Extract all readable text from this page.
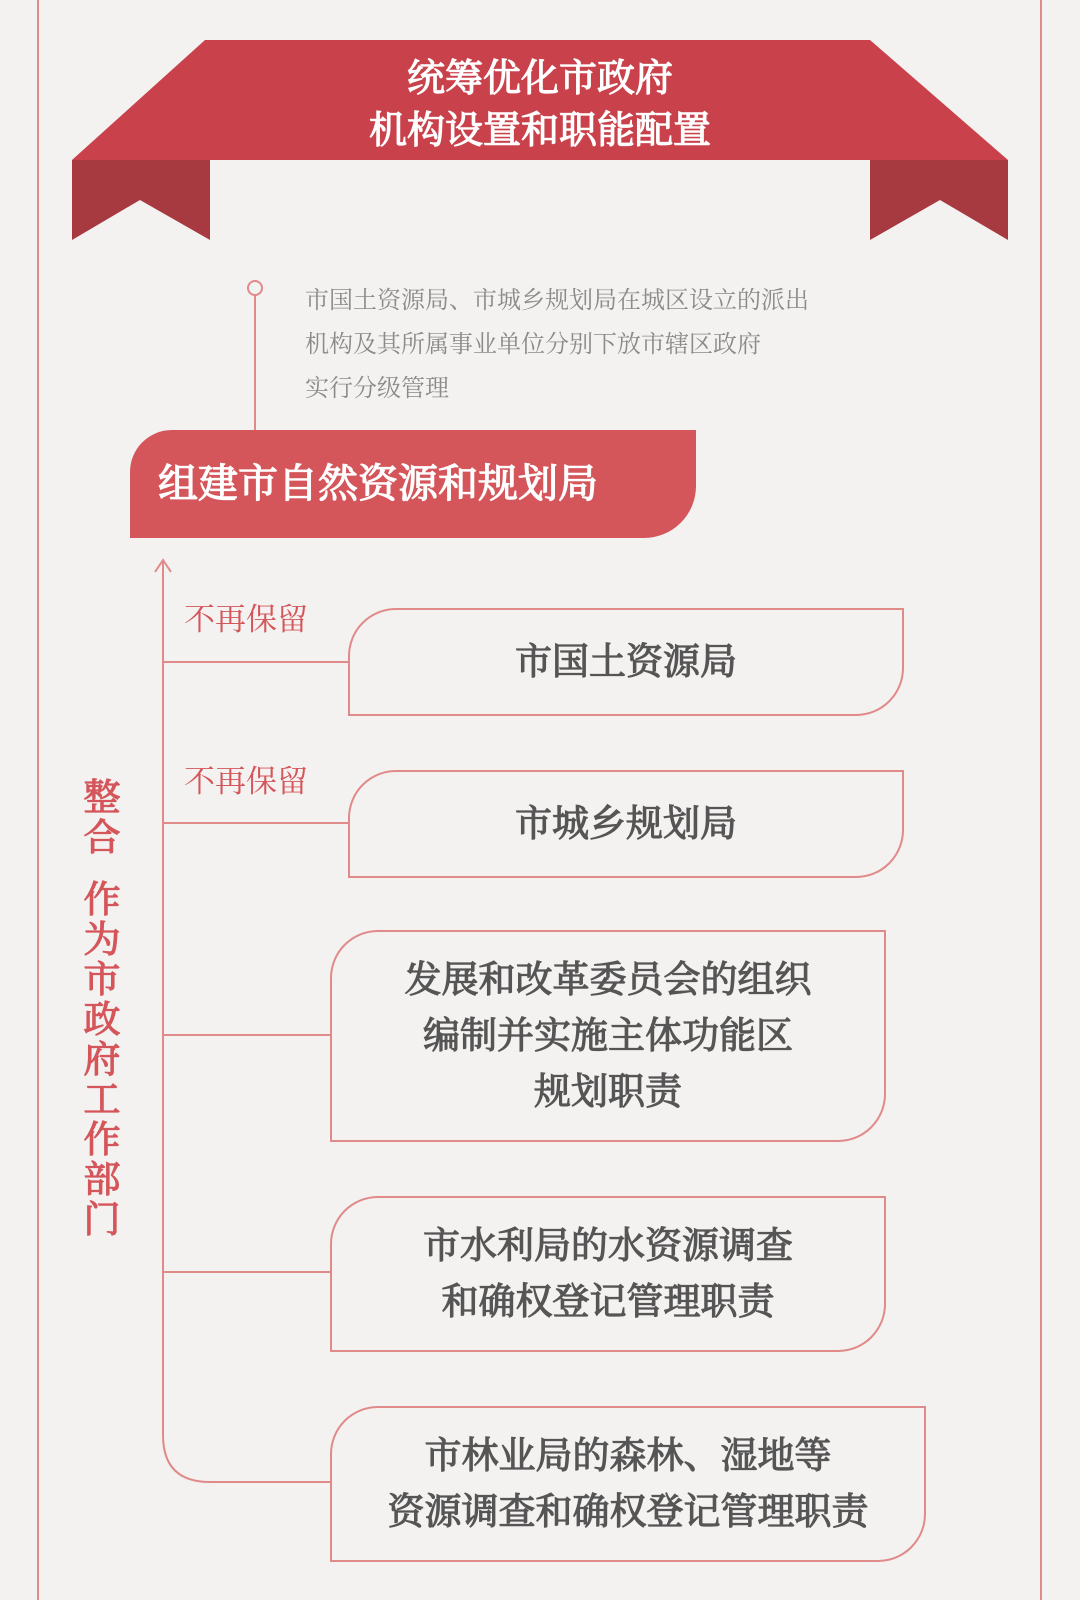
统筹优化市政府
机构设置和职能配置
市国土资源局、市城乡规划局在城区设立的派出
机构及其所属事业单位分别下放市辖区政府
实行分级管理
组建市自然资源和规划局
整
合
作
为
市
政
府
工
作
部
门
不再保留
市国土资源局
不再保留
市城乡规划局
发展和改革委员会的组织
编制并实施主体功能区
规划职责
市水利局的水资源调查
和确权登记管理职责
市林业局的森林、湿地等
资源调查和确权登记管理职责
